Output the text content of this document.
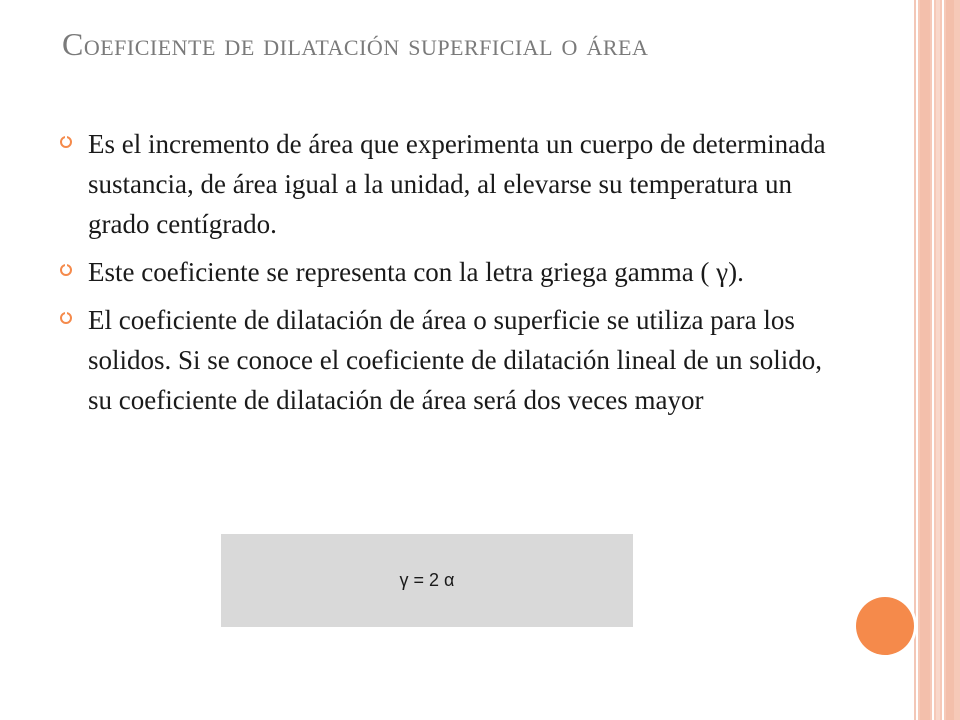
Coeficiente de dilatación superficial o área
Es el incremento de área que experimenta un cuerpo de determinada sustancia, de área igual a la unidad, al elevarse su temperatura un grado centígrado.
Este coeficiente se representa con la letra griega gamma ( γ).
El coeficiente de dilatación de área o superficie se utiliza para los solidos. Si se conoce el coeficiente de dilatación lineal de un solido, su coeficiente de dilatación de área será dos veces mayor
γ = 2 α
